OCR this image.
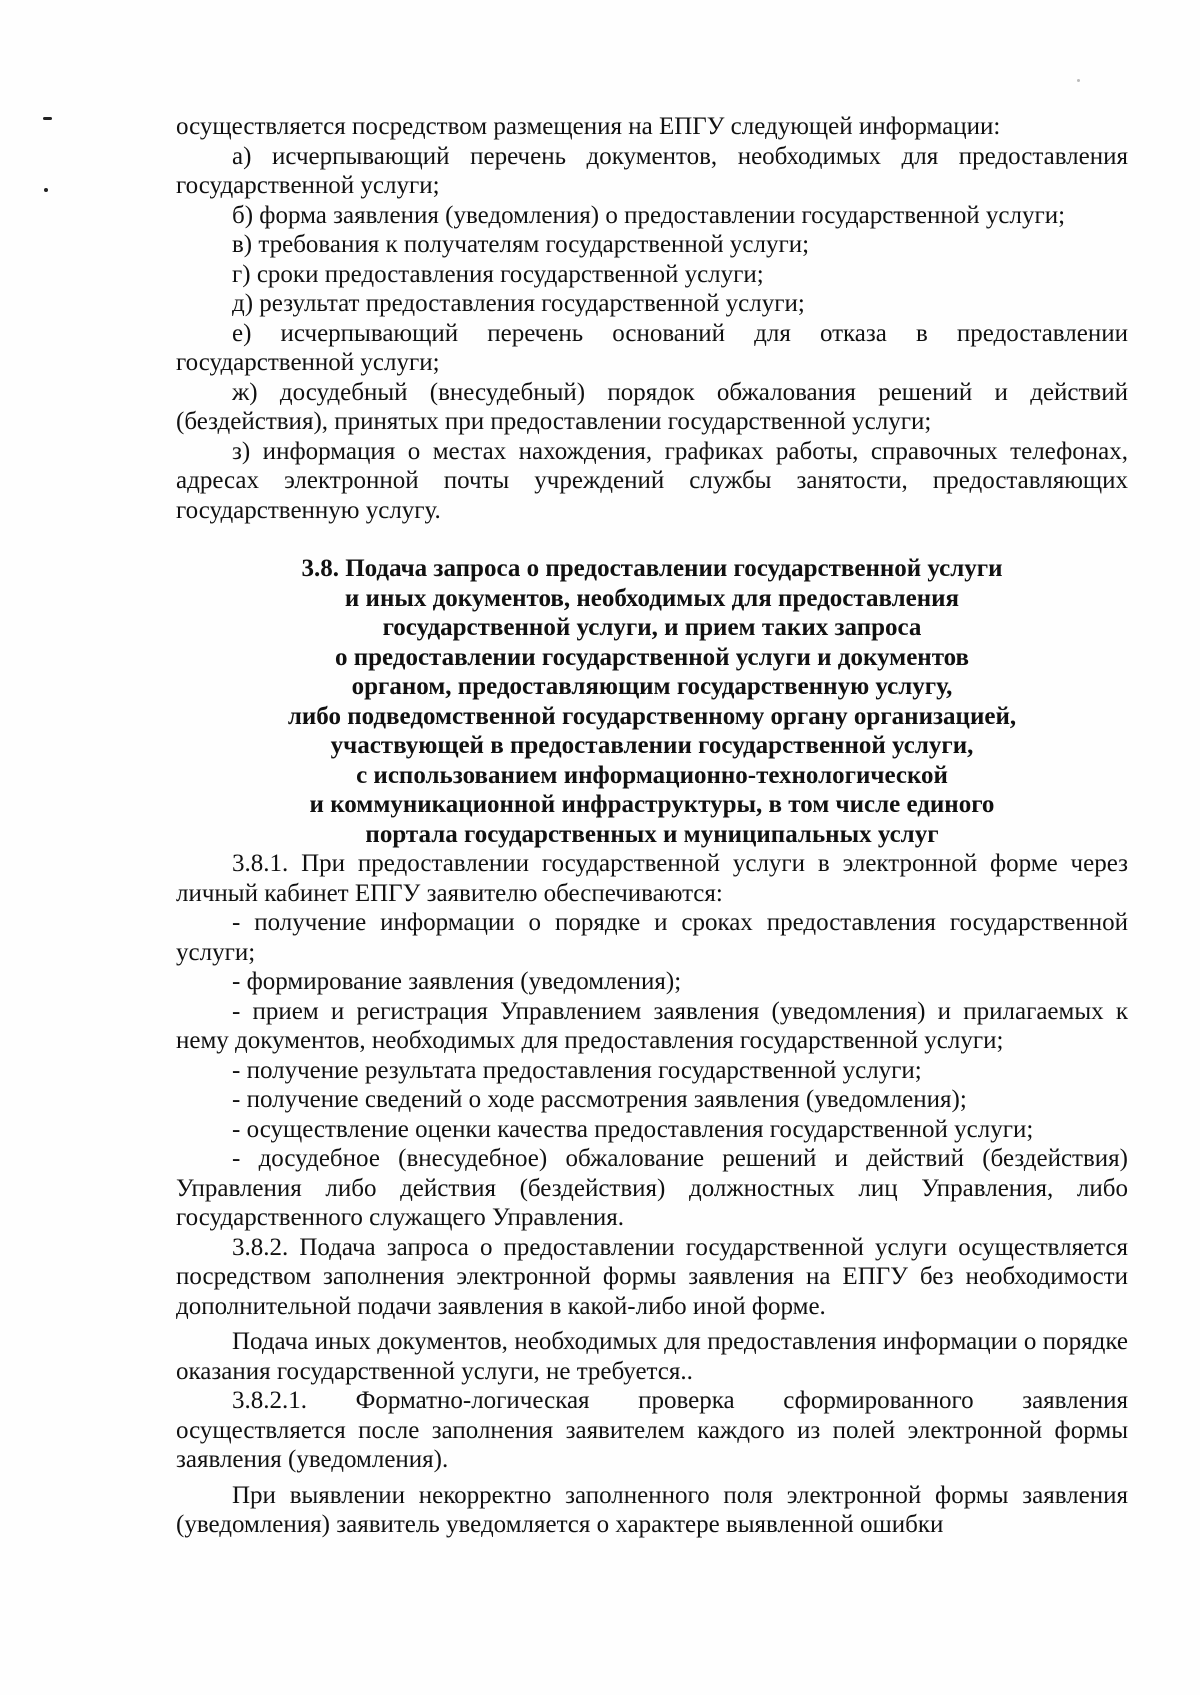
осуществляется посредством размещения на ЕПГУ следующей информации:

а) исчерпывающий перечень документов, необходимых для предоставления государственной услуги;

б) форма заявления (уведомления) о предоставлении государственной услуги;

в) требования к получателям государственной услуги;

г) сроки предоставления государственной услуги;

д) результат предоставления государственной услуги;

е) исчерпывающий перечень оснований для отказа в предоставлении государственной услуги;

ж) досудебный (внесудебный) порядок обжалования решений и действий (бездействия), принятых при предоставлении государственной услуги;

з) информация о местах нахождения, графиках работы, справочных телефонах, адресах электронной почты учреждений службы занятости, предоставляющих государственную услугу.

3.8. Подача запроса о предоставлении государственной услуги
и иных документов, необходимых для предоставления
государственной услуги, и прием таких запроса
о предоставлении государственной услуги и документов
органом, предоставляющим государственную услугу,
либо подведомственной государственному органу организацией,
участвующей в предоставлении государственной услуги,
с использованием информационно-технологической
и коммуникационной инфраструктуры, в том числе единого
портала государственных и муниципальных услуг

3.8.1. При предоставлении государственной услуги в электронной форме через личный кабинет ЕПГУ заявителю обеспечиваются:

- получение информации о порядке и сроках предоставления государственной услуги;

- формирование заявления (уведомления);

- прием и регистрация Управлением заявления (уведомления) и прилагаемых к нему документов, необходимых для предоставления государственной услуги;

- получение результата предоставления государственной услуги;

- получение сведений о ходе рассмотрения заявления (уведомления);

- осуществление оценки качества предоставления государственной услуги;

- досудебное (внесудебное) обжалование решений и действий (бездействия) Управления либо действия (бездействия) должностных лиц Управления, либо государственного служащего Управления.

3.8.2. Подача запроса о предоставлении государственной услуги осуществляется посредством заполнения электронной формы заявления на ЕПГУ без необходимости дополнительной подачи заявления в какой-либо иной форме.

Подача иных документов, необходимых для предоставления информации о порядке оказания государственной услуги, не требуется..

3.8.2.1. Форматно-логическая проверка сформированного заявления осуществляется после заполнения заявителем каждого из полей электронной формы заявления (уведомления).

При выявлении некорректно заполненного поля электронной формы заявления (уведомления) заявитель уведомляется о характере выявленной ошибки
